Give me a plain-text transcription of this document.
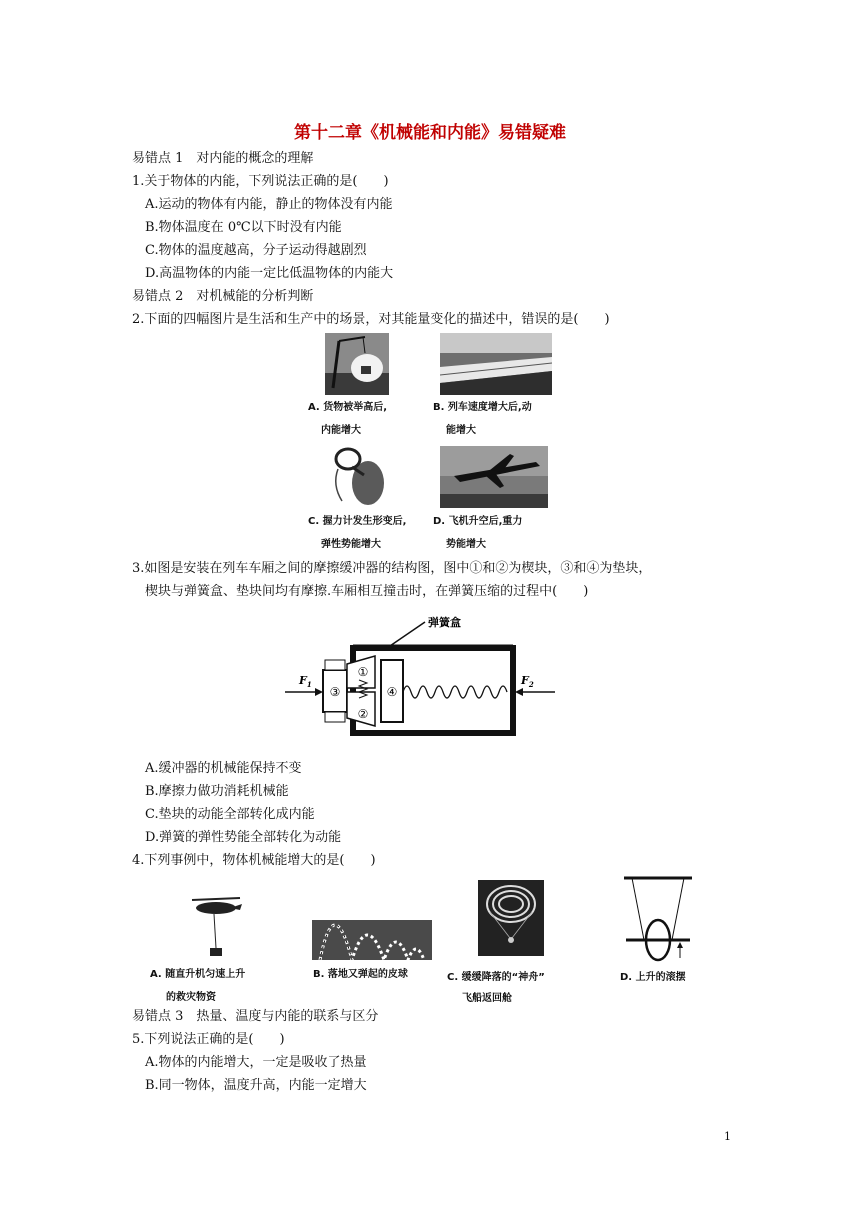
第十二章《机械能和内能》易错疑难
易错点 1　对内能的概念的理解
1.关于物体的内能，下列说法正确的是(　　)
A.运动的物体有内能，静止的物体没有内能
B.物体温度在 0℃以下时没有内能
C.物体的温度越高，分子运动得越剧烈
D.高温物体的内能一定比低温物体的内能大
易错点 2　对机械能的分析判断
2.下面的四幅图片是生活和生产中的场景，对其能量变化的描述中，错误的是(　　)
A. 货物被举高后,
内能增大
B. 列车速度增大后,动
能增大
C. 握力计发生形变后,
弹性势能增大
D. 飞机升空后,重力
势能增大
3.如图是安装在列车车厢之间的摩擦缓冲器的结构图，图中①和②为楔块，③和④为垫块，
楔块与弹簧盒、垫块间均有摩擦.车厢相互撞击时，在弹簧压缩的过程中(　　)
弹簧盒
③
①
②
④
$F_1$	$F_2$
A.缓冲器的机械能保持不变
B.摩擦力做功消耗机械能
C.垫块的动能全部转化成内能
D.弹簧的弹性势能全部转化为动能
4.下列事例中，物体机械能增大的是(　　)
A. 随直升机匀速上升
的救灾物资
B. 落地又弹起的皮球	C. 缓缓降落的“神舟”
飞船返回舱
D. 上升的滚摆
易错点 3　热量、温度与内能的联系与区分
5.下列说法正确的是(　　)
A.物体的内能增大，一定是吸收了热量
B.同一物体，温度升高，内能一定增大
1
